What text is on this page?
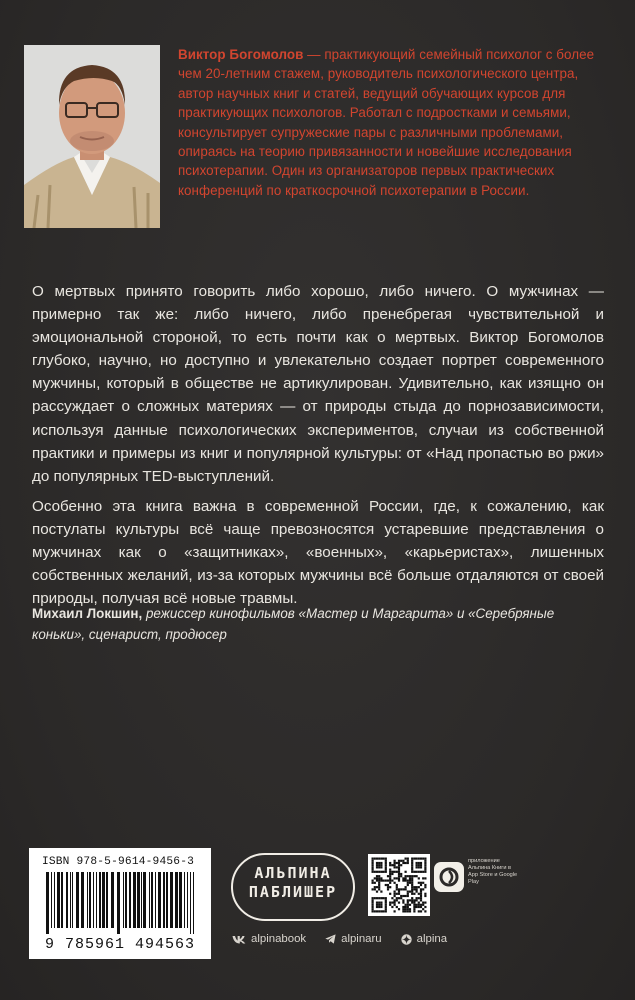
Виктор Богомолов — практикующий семейный психолог с более чем 20-летним стажем, руководитель психологического центра, автор научных книг и статей, ведущий обучающих курсов для практикующих психологов. Работал с подростками и семьями, консультирует супружеские пары с различными проблемами, опираясь на теорию привязанности и новейшие исследования психотерапии. Один из организаторов первых практических конференций по краткосрочной психотерапии в России.

О мертвых принято говорить либо хорошо, либо ничего. О мужчинах — примерно так же: либо ничего, либо пренебрегая чувствительной и эмоциональной стороной, то есть почти как о мертвых. Виктор Богомолов глубоко, научно, но доступно и увлекательно создает портрет современного мужчины, который в обществе не артикулирован. Удивительно, как изящно он рассуждает о сложных материях — от природы стыда до порнозависимости, используя данные психологических экспериментов, случаи из собственной практики и примеры из книг и популярной культуры: от «Над пропастью во ржи» до популярных TED-выступлений.

Особенно эта книга важна в современной России, где, к сожалению, как постулаты культуры всё чаще превозносятся устаревшие представления о мужчинах как о «защитниках», «военных», «карьеристах», лишенных собственных желаний, из-за которых мужчины всё больше отдаляются от своей природы, получая всё новые травмы.

Михаил Локшин, режиссер кинофильмов «Мастер и Маргарита» и «Серебряные коньки», сценарист, продюсер
ISBN 978-5-9614-9456-3
9 785961 494563
АЛЬПИНА
ПАБЛИШЕР
приложение Альпина Книги в App Store и Google Play
alpinabook	alpinaru	alpina
